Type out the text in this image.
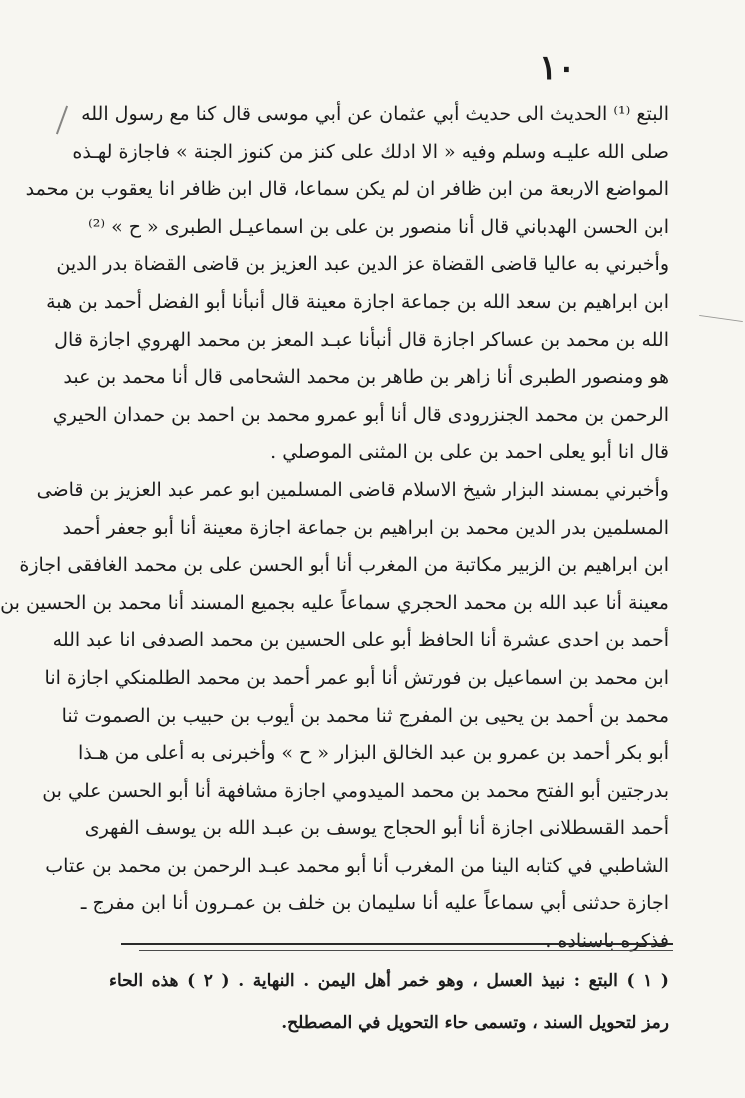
١٠
البتع ⁽¹⁾ الحديث الى حديث أبي عثمان عن أبي موسى قال كنا مع رسول الله
صلى الله عليـه وسلم وفيه « الا ادلك على كنز من كنوز الجنة » فاجازة لهـذه
المواضع الاربعة من ابن ظافر ان لم يكن سماعا، قال ابن ظافر انا يعقوب بن محمد
ابن الحسن الهدباني قال أنا منصور بن على بن اسماعيـل الطبرى « ح » ⁽²⁾
وأخبرني به عاليا قاضى القضاة عز الدين عبد العزيز بن قاضى القضاة بدر الدين
ابن ابراهيم بن سعد الله بن جماعة اجازة معينة قال أنبأنا أبو الفضل أحمد بن هبة
الله بن محمد بن عساكر اجازة قال أنبأنا عبـد المعز بن محمد الهروي اجازة قال
هو ومنصور الطبرى أنا زاهر بن طاهر بن محمد الشحامى قال أنا محمد بن عبد
الرحمن بن محمد الجنزرودى قال أنا أبو عمرو محمد بن احمد بن حمدان الحيري
قال انا أبو يعلى احمد بن على بن المثنى الموصلي .
وأخبرني بمسند البزار شيخ الاسلام قاضى المسلمين ابو عمر عبد العزيز بن قاضى
المسلمين بدر الدين محمد بن ابراهيم بن جماعة اجازة معينة أنا أبو جعفر أحمد
ابن ابراهيم بن الزبير مكاتبة من المغرب أنا أبو الحسن على بن محمد الغافقى اجازة
معينة أنا عبد الله بن محمد الحجري سماعاً عليه بجميع المسند أنا محمد بن الحسين بن
أحمد بن احدى عشرة أنا الحافظ أبو على الحسين بن محمد الصدفى انا عبد الله
ابن محمد بن اسماعيل بن فورتش أنا أبو عمر أحمد بن محمد الطلمنكي اجازة انا
محمد بن أحمد بن يحيى بن المفرج ثنا محمد بن أيوب بن حبيب بن الصموت ثنا
أبو بكر أحمد بن عمرو بن عبد الخالق البزار « ح » وأخبرنى به أعلى من هـذا
بدرجتين أبو الفتح محمد بن محمد الميدومي اجازة مشافهة أنا أبو الحسن علي بن
أحمد القسطلانى اجازة أنا أبو الحجاج يوسف بن عبـد الله بن يوسف الفهرى
الشاطبي في كتابه الينا من المغرب أنا أبو محمد عبـد الرحمن بن محمد بن عتاب
اجازة حدثنى أبي سماعاً عليه أنا سليمان بن خلف بن عمـرون أنا ابن مفرج ـ
فذكره باسناده .
( ١ ) البتع : نبيذ العسل ، وهو خمر أهل اليمن . النهاية . ( ٢ ) هذه الحاء
رمز لتحويل السند ، وتسمى حاء التحويل في المصطلح.
